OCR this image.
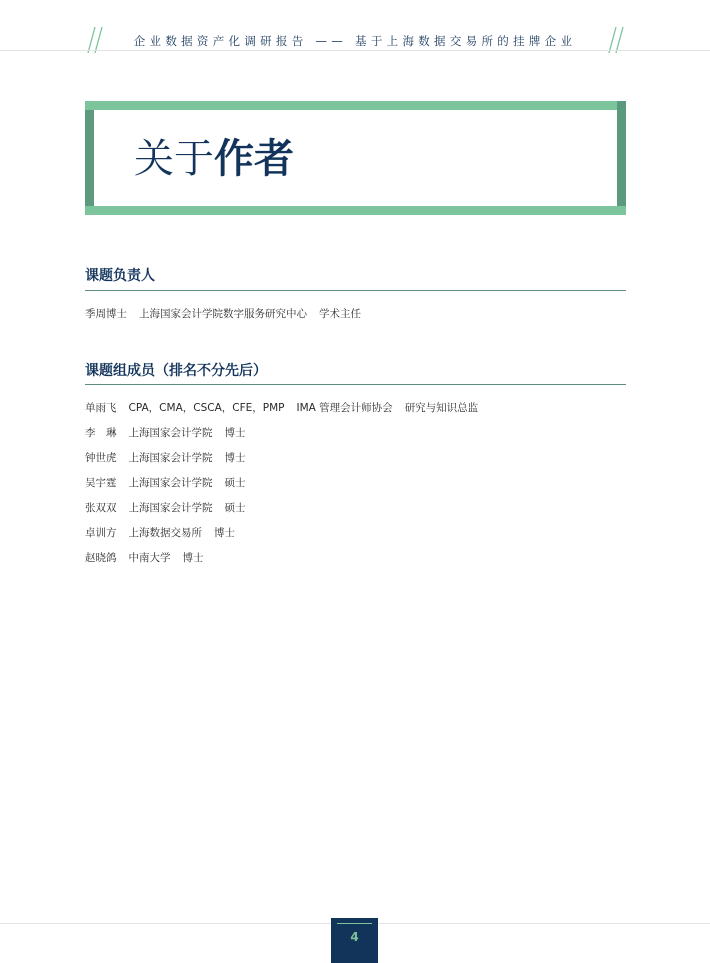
企业数据资产化调研报告 —— 基于上海数据交易所的挂牌企业
关于作者
课题负责人
季周博士 上海国家会计学院数字服务研究中心 学术主任
课题组成员（排名不分先后）
单雨飞 CPA，CMA，CSCA，CFE，PMP IMA 管理会计师协会 研究与知识总监
李　琳 上海国家会计学院 博士
钟世虎 上海国家会计学院 博士
吴宇霆 上海国家会计学院 硕士
张双双 上海国家会计学院 硕士
卓训方 上海数据交易所 博士
赵晓鸽 中南大学 博士
4
